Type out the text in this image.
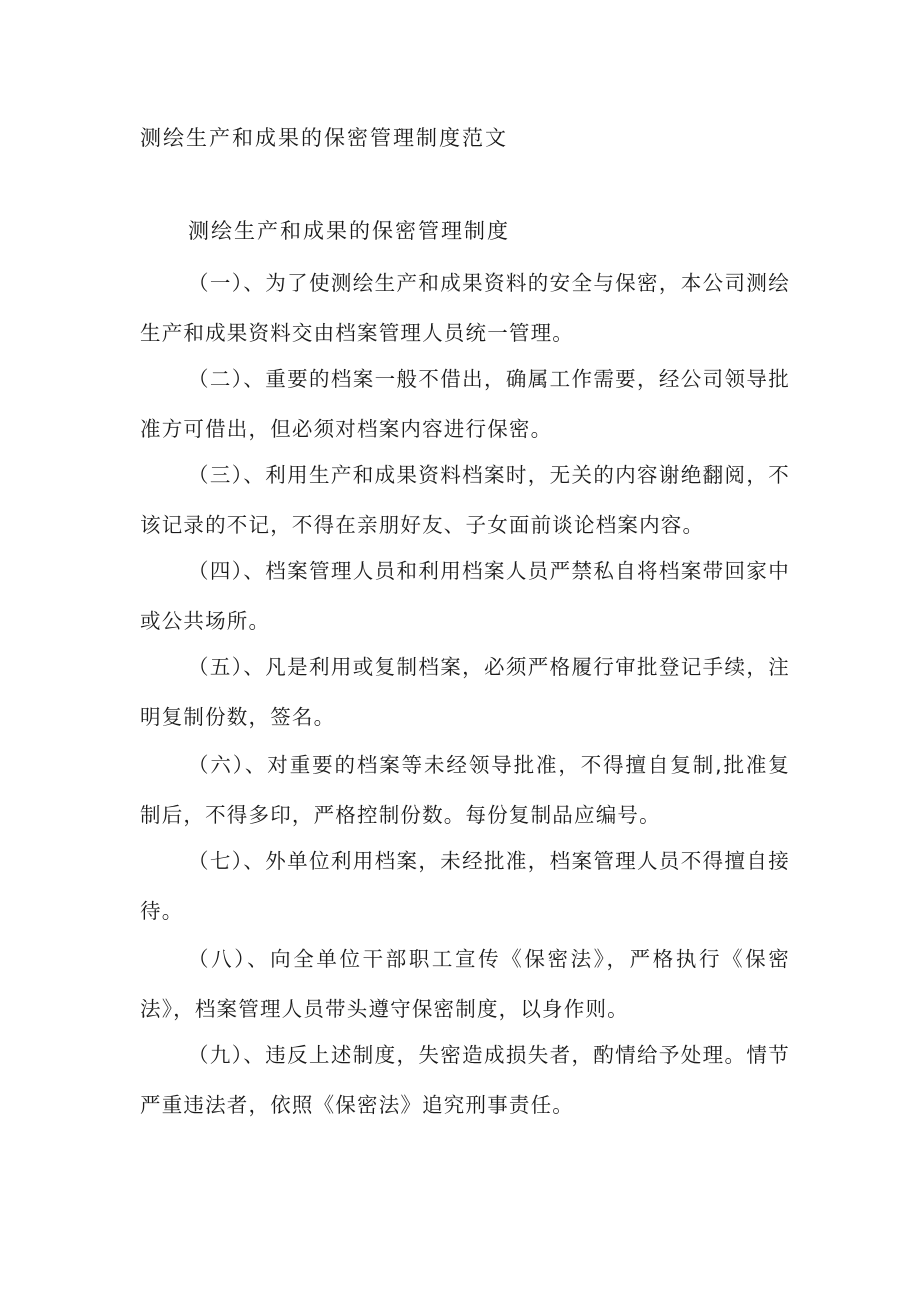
测绘生产和成果的保密管理制度范文
测绘生产和成果的保密管理制度

（一）、为了使测绘生产和成果资料的安全与保密，本公司测绘生产和成果资料交由档案管理人员统一管理。

（二）、重要的档案一般不借出，确属工作需要，经公司领导批准方可借出，但必须对档案内容进行保密。

（三）、利用生产和成果资料档案时，无关的内容谢绝翻阅，不该记录的不记，不得在亲朋好友、子女面前谈论档案内容。

（四）、档案管理人员和利用档案人员严禁私自将档案带回家中或公共场所。

（五）、凡是利用或复制档案，必须严格履行审批登记手续，注明复制份数，签名。

（六）、对重要的档案等未经领导批准，不得擅自复制,批准复制后，不得多印，严格控制份数。每份复制品应编号。

（七）、外单位利用档案，未经批准，档案管理人员不得擅自接待。

（八）、向全单位干部职工宣传《保密法》，严格执行《保密法》，档案管理人员带头遵守保密制度，以身作则。

（九）、违反上述制度，失密造成损失者，酌情给予处理。情节严重违法者，依照《保密法》追究刑事责任。
